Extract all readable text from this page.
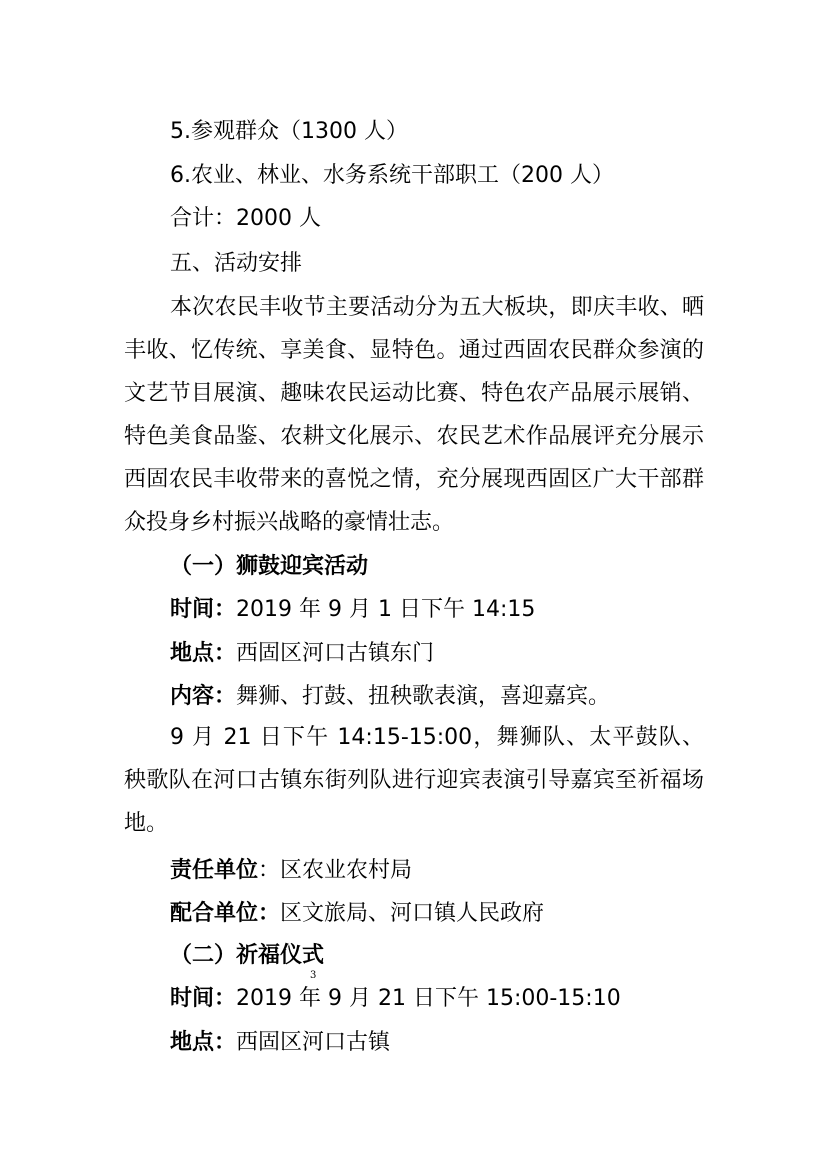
5.参观群众（1300 人）
6.农业、林业、水务系统干部职工（200 人）
合计：2000 人
五、活动安排

本次农民丰收节主要活动分为五大板块，即庆丰收、晒丰收、忆传统、享美食、显特色。通过西固农民群众参演的文艺节目展演、趣味农民运动比赛、特色农产品展示展销、特色美食品鉴、农耕文化展示、农民艺术作品展评充分展示西固农民丰收带来的喜悦之情，充分展现西固区广大干部群众投身乡村振兴战略的豪情壮志。

（一）狮鼓迎宾活动
时间：2019 年 9 月 1 日下午 14:15
地点：西固区河口古镇东门
内容：舞狮、打鼓、扭秧歌表演，喜迎嘉宾。

9 月 21 日下午 14:15-15:00，舞狮队、太平鼓队、秧歌队在河口古镇东街列队进行迎宾表演引导嘉宾至祈福场地。

责任单位：区农业农村局
配合单位：区文旅局、河口镇人民政府
（二）祈福仪式
3
时间：2019 年 9 月 21 日下午 15:00-15:10
地点：西固区河口古镇
